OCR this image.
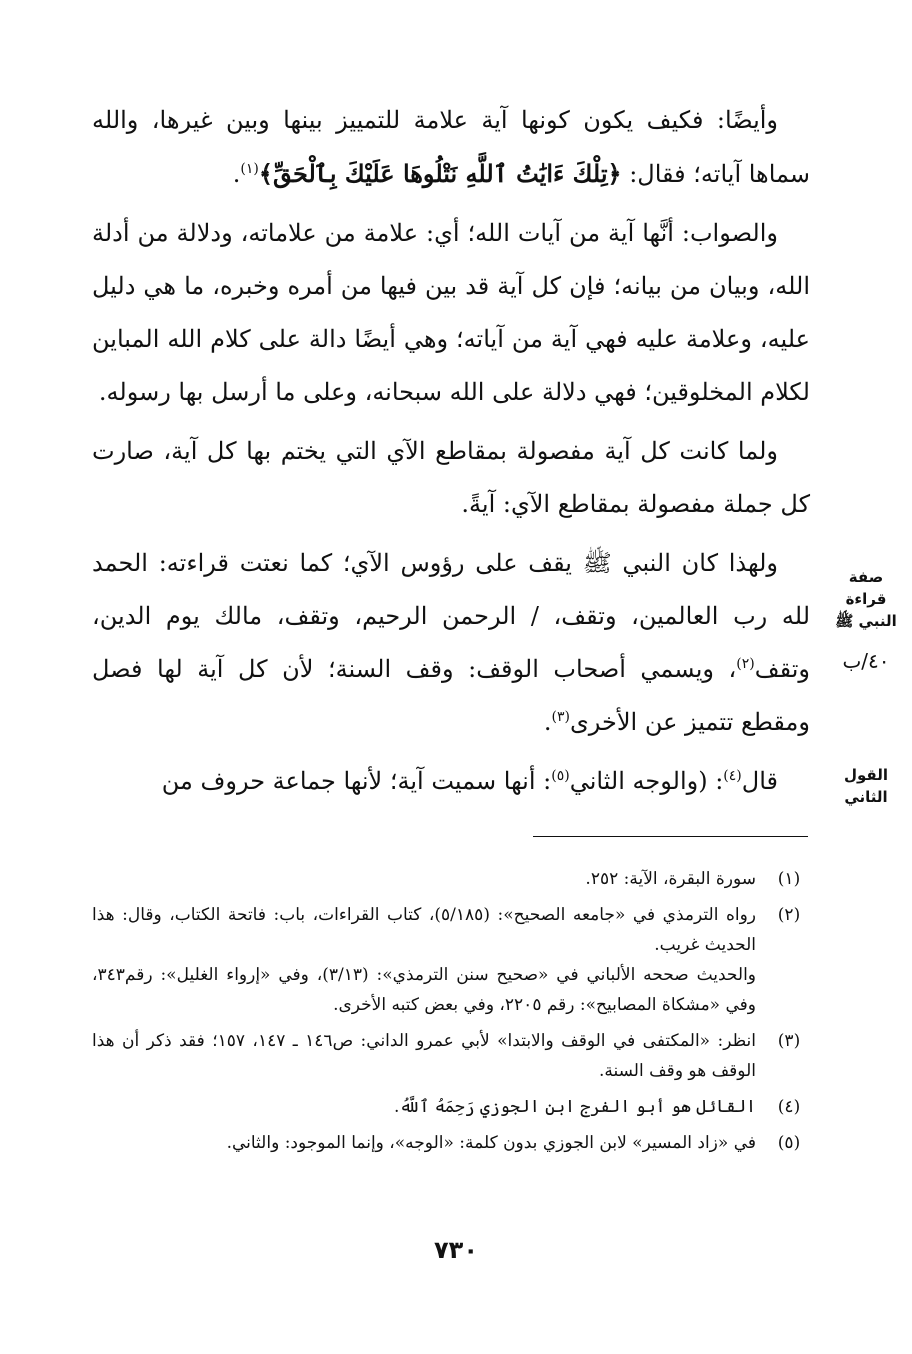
وأيضًا: فكيف يكون كونها آية علامة للتمييز بينها وبين غيرها، والله سماها آياته؛ فقال: ﴿تِلْكَ ءَايَٰتُ ٱللَّهِ نَتْلُوهَا عَلَيْكَ بِٱلْحَقِّ﴾$^{(١)}$.

والصواب: أنَّها آية من آيات الله؛ أي: علامة من علاماته، ودلالة من أدلة الله، وبيان من بيانه؛ فإن كل آية قد بين فيها من أمره وخبره، ما هي دليل عليه، وعلامة عليه فهي آية من آياته؛ وهي أيضًا دالة على كلام الله المباين لكلام المخلوقين؛ فهي دلالة على الله سبحانه، وعلى ما أرسل بها رسوله.

ولما كانت كل آية مفصولة بمقاطع الآي التي يختم بها كل آية، صارت كل جملة مفصولة بمقاطع الآي: آيةً.

ولهذا كان النبي ﷺ يقف على رؤوس الآي؛ كما نعتت قراءته: الحمد لله رب العالمين، وتقف، / الرحمن الرحيم، وتقف، مالك يوم الدين، وتقف$^{(٢)}$، ويسمي أصحاب الوقف: وقف السنة؛ لأن كل آية لها فصل ومقطع تتميز عن الأخرى$^{(٣)}$.

قال$^{(٤)}$: (والوجه الثاني$^{(٥)}$: أنها سميت آية؛ لأنها جماعة حروف من

صفة قراءة النبي ﷺ
٤٠/ب
القول الثاني
(١)
سورة البقرة، الآية: ٢٥٢.
(٢)
رواه الترمذي في «جامعه الصحيح»: (٥/١٨٥)، كتاب القراءات، باب: فاتحة الكتاب، وقال: هذا الحديث غريب.
والحديث صححه الألباني في «صحيح سنن الترمذي»: (٣/١٣)، وفي «إرواء الغليل»: رقم٣٤٣، وفي «مشكاة المصابيح»: رقم ٢٢٠٥، وفي بعض كتبه الأخرى.
(٣)
انظر: «المكتفى في الوقف والابتدا» لأبي عمرو الداني: ص١٤٦ ـ ١٤٧، ١٥٧؛ فقد ذكر أن هذا الوقف هو وقف السنة.
(٤)
القائل هو أبو الفرج ابن الجوزي رَحِمَهُ ٱللَّهُ.
(٥)
في «زاد المسير» لابن الجوزي بدون كلمة: «الوجه»، وإنما الموجود: والثاني.
٧٣٠
